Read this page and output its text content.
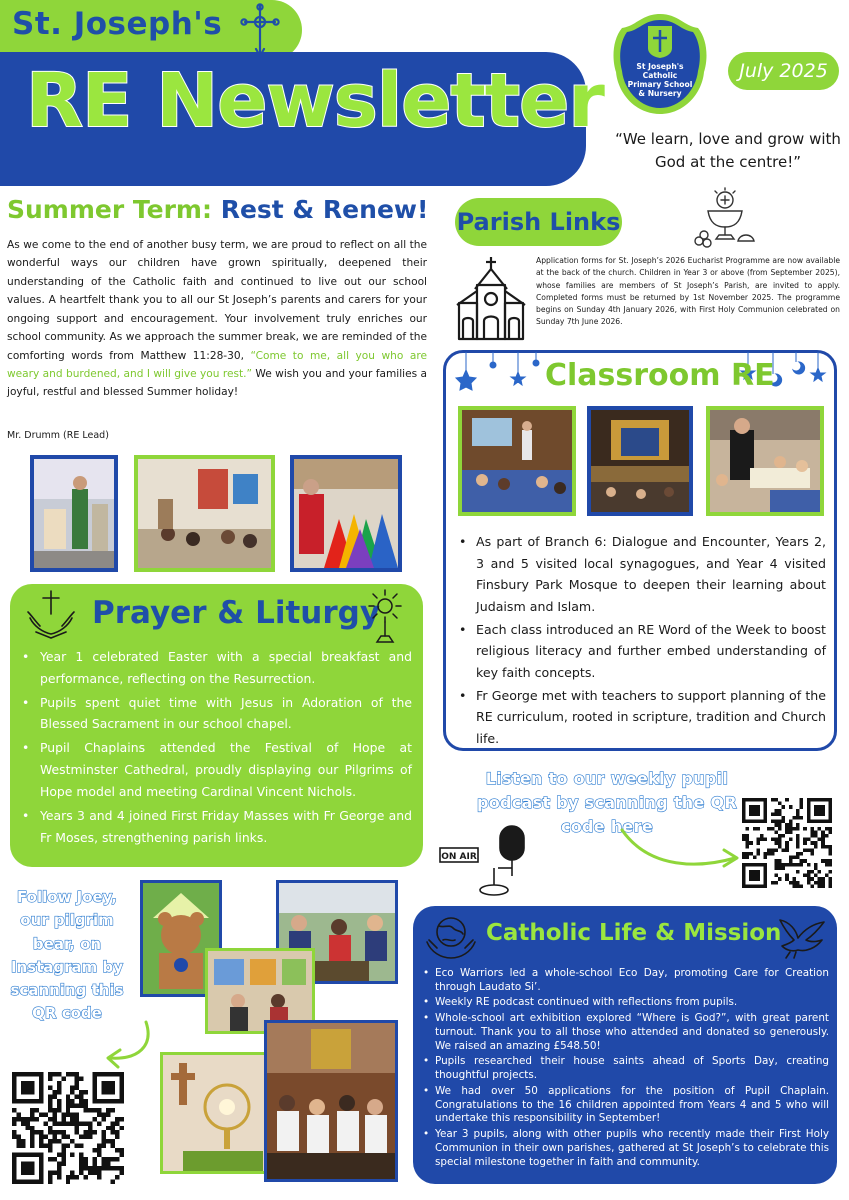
St. Joseph's
RE Newsletter	St Joseph's
Catholic
Primary School
& Nursery
July 2025
“We learn, love and grow with God at the centre!”
Summer Term: Rest & Renew!

As we come to the end of another busy term, we are proud to reflect on all the wonderful ways our children have grown spiritually, deepened their understanding of the Catholic faith and continued to live out our school values. A heartfelt thank you to all our St Joseph’s parents and carers for your ongoing support and encouragement. Your involvement truly enriches our school community. As we approach the summer break, we are reminded of the comforting words from Matthew 11:28-30, “Come to me, all you who are weary and burdened, and I will give you rest.” We wish you and your families a joyful, restful and blessed Summer holiday!

Mr. Drumm (RE Lead)
Parish Links

Application forms for St. Joseph’s 2026 Eucharist Programme are now available at the back of the church. Children in Year 3 or above (from September 2025), whose families are members of St Joseph’s Parish, are invited to apply. Completed forms must be returned by 1st November 2025. The programme begins on Sunday 4th January 2026, with First Holy Communion celebrated on Sunday 7th June 2026.

Classroom RE
• As part of Branch 6: Dialogue and Encounter, Years 2, 3 and 5 visited local synagogues, and Year 4 visited Finsbury Park Mosque to deepen their learning about Judaism and Islam.
• Each class introduced an RE Word of the Week to boost religious literacy and further embed understanding of key faith concepts.
• Fr George met with teachers to support planning of the RE curriculum, rooted in scripture, tradition and Church life.
Prayer & Liturgy
• Year 1 celebrated Easter with a special breakfast and performance, reflecting on the Resurrection.
• Pupils spent quiet time with Jesus in Adoration of the Blessed Sacrament in our school chapel.
• Pupil Chaplains attended the Festival of Hope at Westminster Cathedral, proudly displaying our Pilgrims of Hope model and meeting Cardinal Vincent Nichols.
• Years 3 and 4 joined First Friday Masses with Fr George and Fr Moses, strengthening parish links.
Listen to our weekly pupil podcast by scanning the QR code here
ON AIR
Follow Joey, our pilgrim bear, on Instagram by scanning this QR code
Catholic Life & Mission
• Eco Warriors led a whole-school Eco Day, promoting Care for Creation through Laudato Si’.
• Weekly RE podcast continued with reflections from pupils.
• Whole-school art exhibition explored “Where is God?”, with great parent turnout. Thank you to all those who attended and donated so generously. We raised an amazing £548.50!
• Pupils researched their house saints ahead of Sports Day, creating thoughtful projects.
• We had over 50 applications for the position of Pupil Chaplain. Congratulations to the 16 children appointed from Years 4 and 5 who will undertake this responsibility in September!
• Year 3 pupils, along with other pupils who recently made their First Holy Communion in their own parishes, gathered at St Joseph’s to celebrate this special milestone together in faith and community.
